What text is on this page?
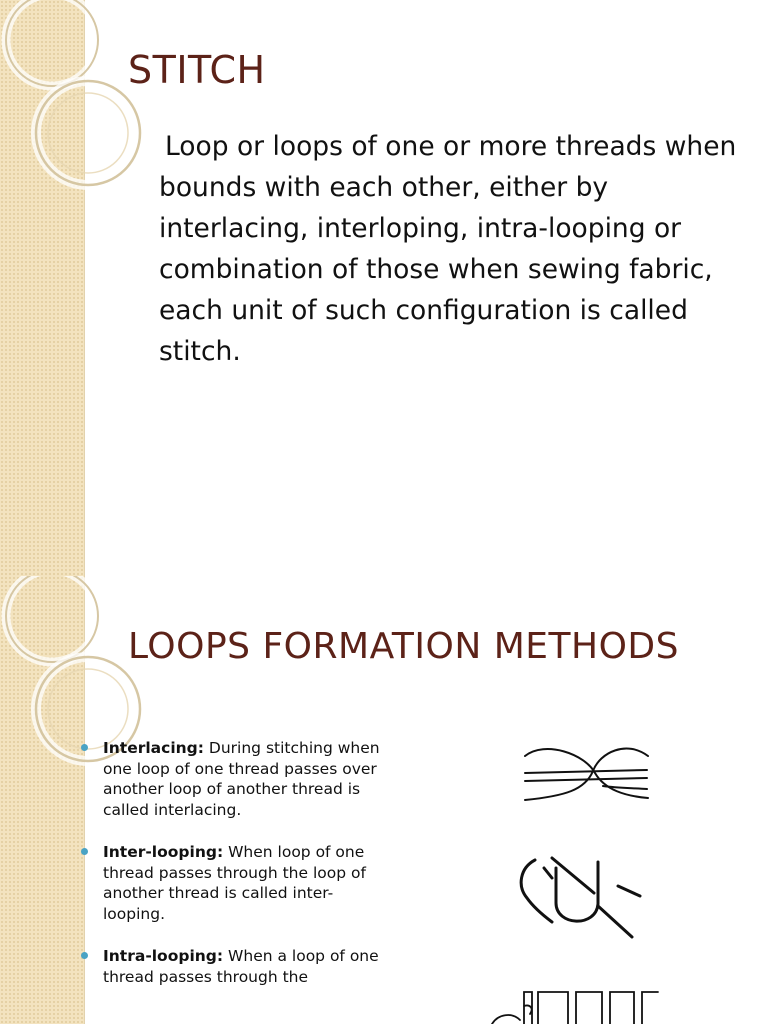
STITCH

Loop or loops of one or more threads when bounds with each other, either by interlacing, interloping, intra-looping or combination of those when sewing fabric, each unit of such configuration is called stitch.

LOOPS FORMATION METHODS
Interlacing: During stitching when one loop of one thread passes over another loop of another thread is called interlacing.
Inter-looping: When loop of one thread passes through the loop of another thread is called inter-looping.
Intra-looping: When a loop of one thread passes through the
